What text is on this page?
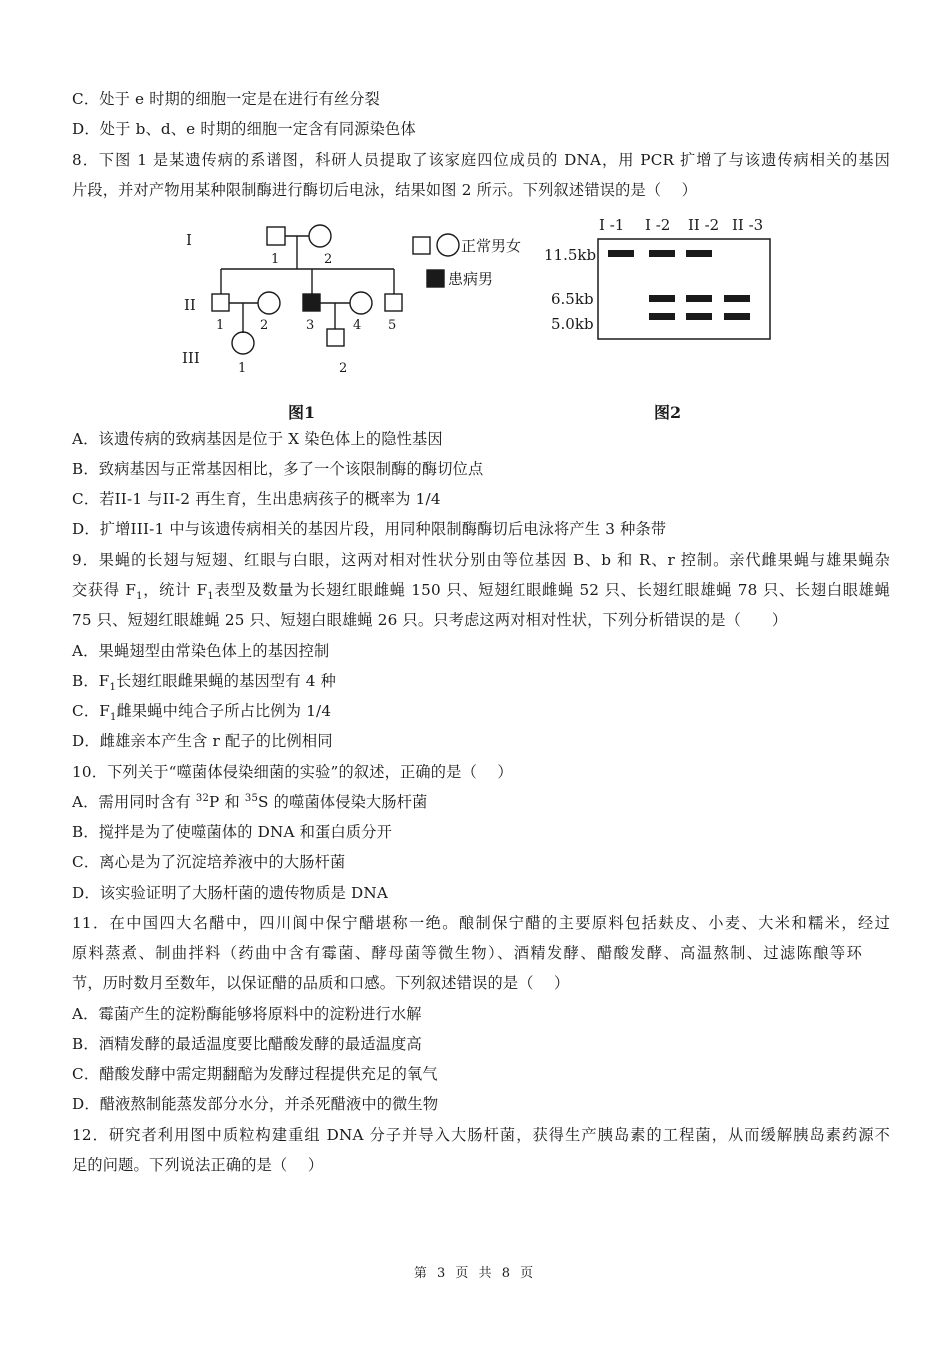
C．处于 e 时期的细胞一定是在进行有丝分裂
D．处于 b、d、e 时期的细胞一定含有同源染色体
8．下图 1 是某遗传病的系谱图，科研人员提取了该家庭四位成员的 DNA，用 PCR 扩增了与该遗传病相关的基因
片段，并对产物用某种限制酶进行酶切后电泳，结果如图 2 所示。下列叙述错误的是（　 ）
I
II
III
1	2
1	2	3	4 5
1	2
正常男女
患病男
I -1 I -2 II -2 II -3
11.5kb
6.5kb
5.0kb
图1	图2
A．该遗传病的致病基因是位于 X 染色体上的隐性基因
B．致病基因与正常基因相比，多了一个该限制酶的酶切位点
C．若II-1 与II-2 再生育，生出患病孩子的概率为 1/4
D．扩增III-1 中与该遗传病相关的基因片段，用同种限制酶酶切后电泳将产生 3 种条带
9．果蝇的长翅与短翅、红眼与白眼，这两对相对性状分别由等位基因 B、b 和 R、r 控制。亲代雌果蝇与雄果蝇杂
交获得 $F_1$，统计 $F_1$表型及数量为长翅红眼雌蝇 150 只、短翅红眼雌蝇 52 只、长翅红眼雄蝇 78 只、长翅白眼雄蝇
75 只、短翅红眼雄蝇 25 只、短翅白眼雄蝇 26 只。只考虑这两对相对性状，下列分析错误的是（　　）
A．果蝇翅型由常染色体上的基因控制
B．$F_1$长翅红眼雌果蝇的基因型有 4 种
C．$F_1$雌果蝇中纯合子所占比例为 1/4
D．雌雄亲本产生含 r 配子的比例相同
10．下列关于“噬菌体侵染细菌的实验”的叙述，正确的是（　 ）
A．需用同时含有 $^{32}$P 和 $^{35}$S 的噬菌体侵染大肠杆菌
B．搅拌是为了使噬菌体的 DNA 和蛋白质分开
C．离心是为了沉淀培养液中的大肠杆菌
D．该实验证明了大肠杆菌的遗传物质是 DNA
11．在中国四大名醋中，四川阆中保宁醋堪称一绝。酿制保宁醋的主要原料包括麸皮、小麦、大米和糯米，经过
原料蒸煮、制曲拌料（药曲中含有霉菌、酵母菌等微生物）、酒精发酵、醋酸发酵、高温熬制、过滤陈酿等环
节，历时数月至数年，以保证醋的品质和口感。下列叙述错误的是（　 ）
A．霉菌产生的淀粉酶能够将原料中的淀粉进行水解
B．酒精发酵的最适温度要比醋酸发酵的最适温度高
C．醋酸发酵中需定期翻醅为发酵过程提供充足的氧气
D．醋液熬制能蒸发部分水分，并杀死醋液中的微生物
12．研究者利用图中质粒构建重组 DNA 分子并导入大肠杆菌，获得生产胰岛素的工程菌，从而缓解胰岛素药源不
足的问题。下列说法正确的是（　 ）
第 3 页 共 8 页
